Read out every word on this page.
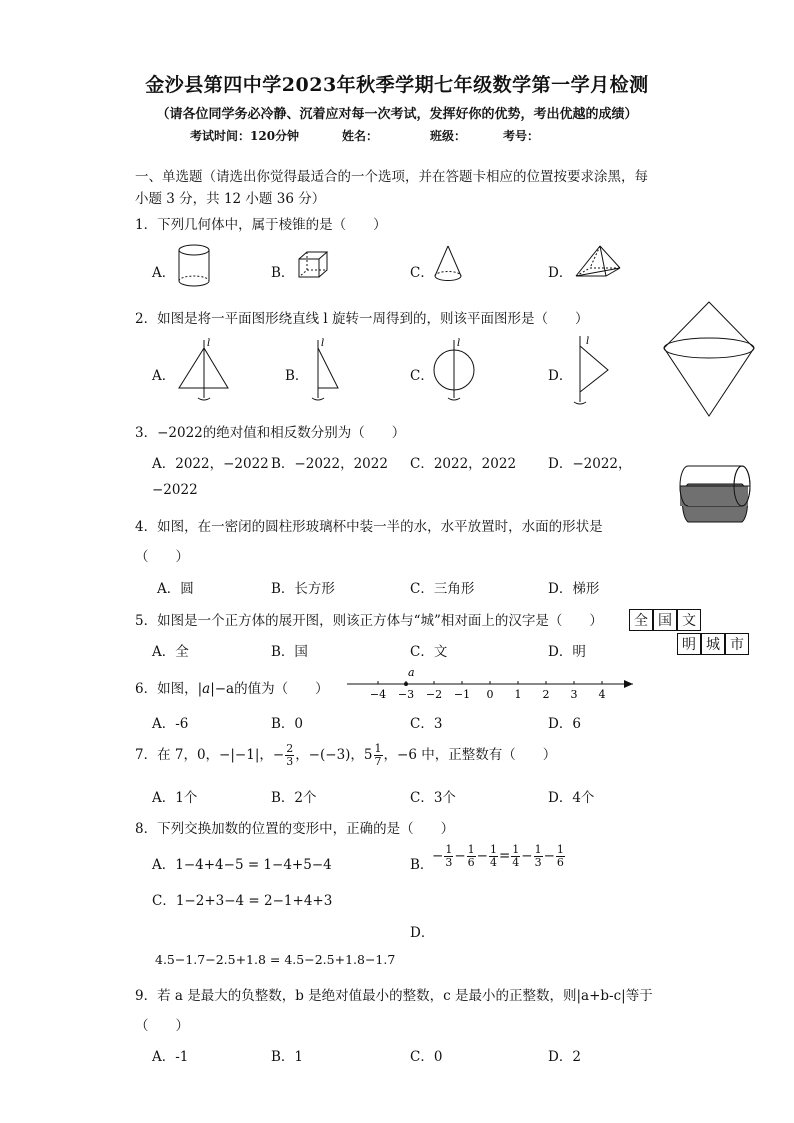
金沙县第四中学2023年秋季学期七年级数学第一学月检测
（请各位同学务必冷静、沉着应对每一次考试，发挥好你的优势，考出优越的成绩）
考试时间：120分钟	姓名：	班级：	考号：
一、单选题（请选出你觉得最适合的一个选项，并在答题卡相应的位置按要求涂黑，每
小题 3 分，共 12 小题 36 分）
1．下列几何体中，属于棱锥的是（　　）
A．	B．	C．	D．
2．如图是将一平面图形绕直线 l 旋转一周得到的，则该平面图形是（　　）
A．
l
B．
l
C．
l
D．
l
3．−2022的绝对值和相反数分别为（　　）
A．2022，−2022 B．−2022，2022 C．2022，2022 D．−2022，
−2022
4．如图，在一密闭的圆柱形玻璃杯中装一半的水，水平放置时，水面的形状是
（　　）
A．圆	B．长方形	C．三角形	D．梯形
5．如图是一个正方体的展开图，则该正方体与“城”相对面上的汉字是（　　）	全 国 文
明 城 市
A．全	B．国	C．文	D．明
6．如图，|a|−a的值为（　　）	−4 −3 −2 −1 0 1 2 3 4
a
A．-6	B．0	C．3	D．6
7．在 7，0，−|−1|，− $\frac{2}{3}$ ，−(−3)，$5 \frac{1}{7}$ ，−6 中，正整数有（　　）
A．1个	B．2个	C．3个	D．4个
8．下列交换加数的位置的变形中，正确的是（　　）
A．1−4+4−5 = 1−4+5−4	B．
− $\frac{1}{3} - \frac{1}{6} - \frac{1}{4} = \frac{1}{4} - \frac{1}{3} - \frac{1}{6}$
C．1−2+3−4 = 2−1+4+3
D．
4.5−1.7−2.5+1.8 = 4.5−2.5+1.8−1.7
9．若 a 是最大的负整数，b 是绝对值最小的整数，c 是最小的正整数，则|a+b-c|等于
（　　）
A．-1	B．1	C．0	D．2
